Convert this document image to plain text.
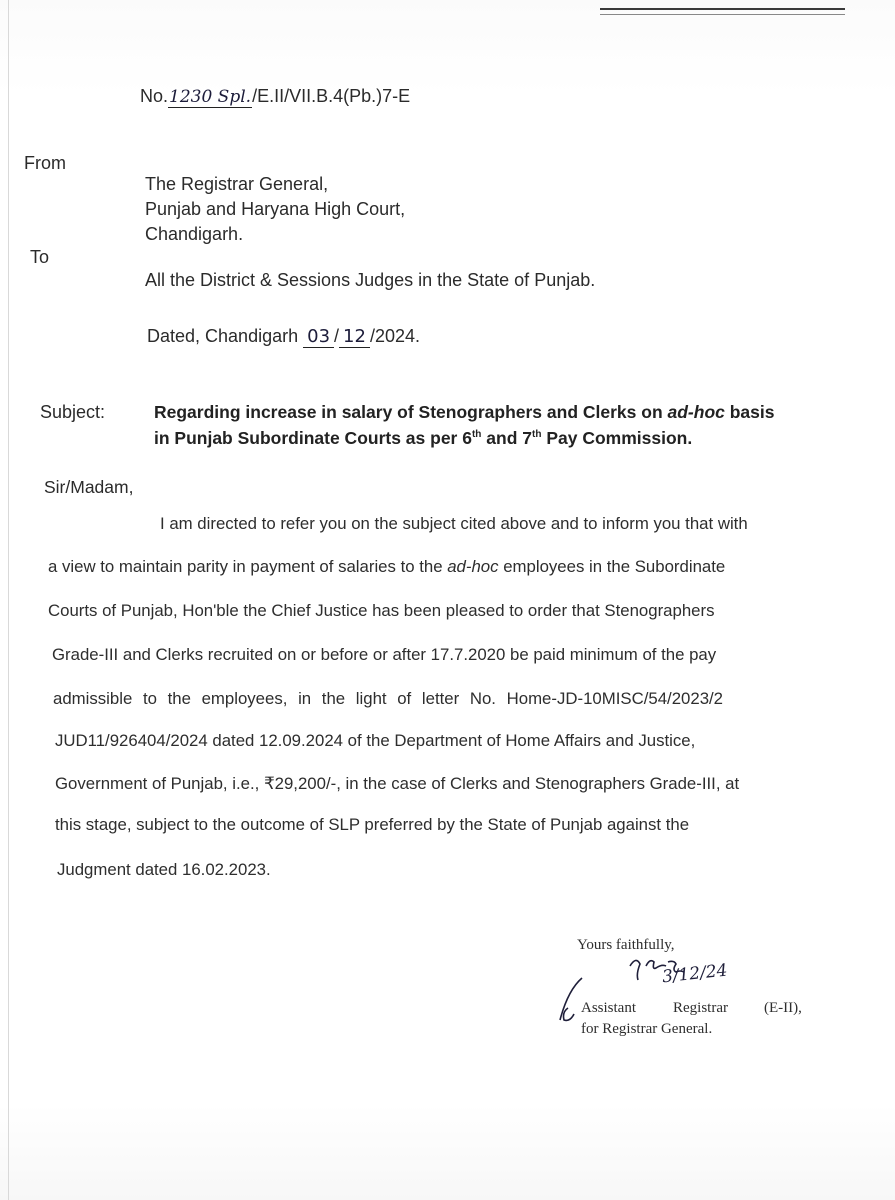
No.1230 Spl./E.II/VII.B.4(Pb.)7-E
From
The Registrar General,
Punjab and Haryana High Court,
Chandigarh.
To
All the District & Sessions Judges in the State of Punjab.
Dated, Chandigarh 03 / 12 /2024.
Subject:	Regarding increase in salary of Stenographers and Clerks on ad-hoc basis
in Punjab Subordinate Courts as per 6th and 7th Pay Commission.
Sir/Madam,
I am directed to refer you on the subject cited above and to inform you that with
a view to maintain parity in payment of salaries to the ad-hoc employees in the Subordinate
Courts of Punjab, Hon'ble the Chief Justice has been pleased to order that Stenographers
Grade-III and Clerks recruited on or before or after 17.7.2020 be paid minimum of the pay
admissible to the employees, in the light of letter No. Home-JD-10MISC/54/2023/2
JUD11/926404/2024 dated 12.09.2024 of the Department of Home Affairs and Justice,
Government of Punjab, i.e., ₹29,200/-, in the case of Clerks and Stenographers Grade-III, at
this stage, subject to the outcome of SLP preferred by the State of Punjab against the
Judgment dated 16.02.2023.
Yours faithfully,
3/12/24
Assistant Registrar (E-II),
for Registrar General.
